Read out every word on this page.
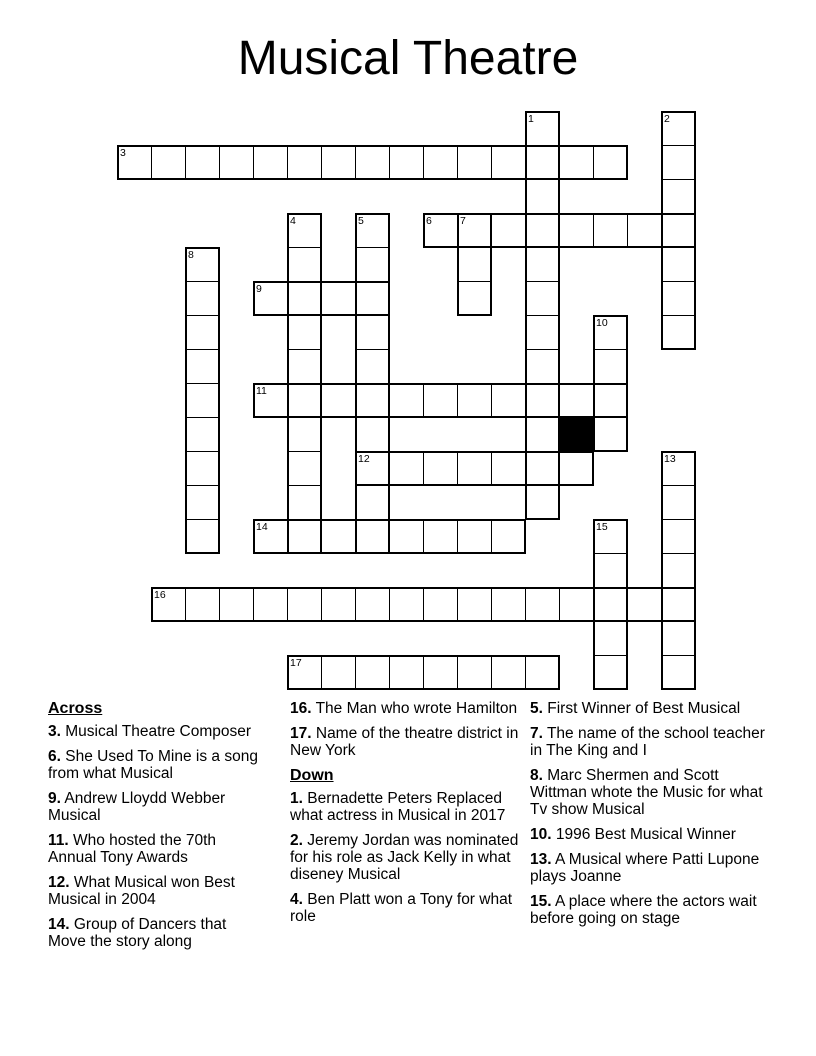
Musical Theatre
1	2
3
4	5
12
6	7
8
9
10
11
13
14	15
16
17

Across

3. Musical Theatre Composer

6. She Used To Mine is a song from what Musical

9. Andrew Lloydd Webber Musical

11. Who hosted the 70th Annual Tony Awards

12. What Musical won Best Musical in 2004

14. Group of Dancers that Move the story along

16. The Man who wrote Hamilton

17. Name of the theatre district in New York

Down

1. Bernadette Peters Replaced what actress in Musical in 2017

2. Jeremy Jordan was nominated for his role as Jack Kelly in what diseney Musical

4. Ben Platt won a Tony for what role

5. First Winner of Best Musical

7. The name of the school teacher in The King and I

8. Marc Shermen and Scott Wittman whote the Music for what Tv show Musical

10. 1996 Best Musical Winner

13. A Musical where Patti Lupone plays Joanne

15. A place where the actors wait before going on stage
